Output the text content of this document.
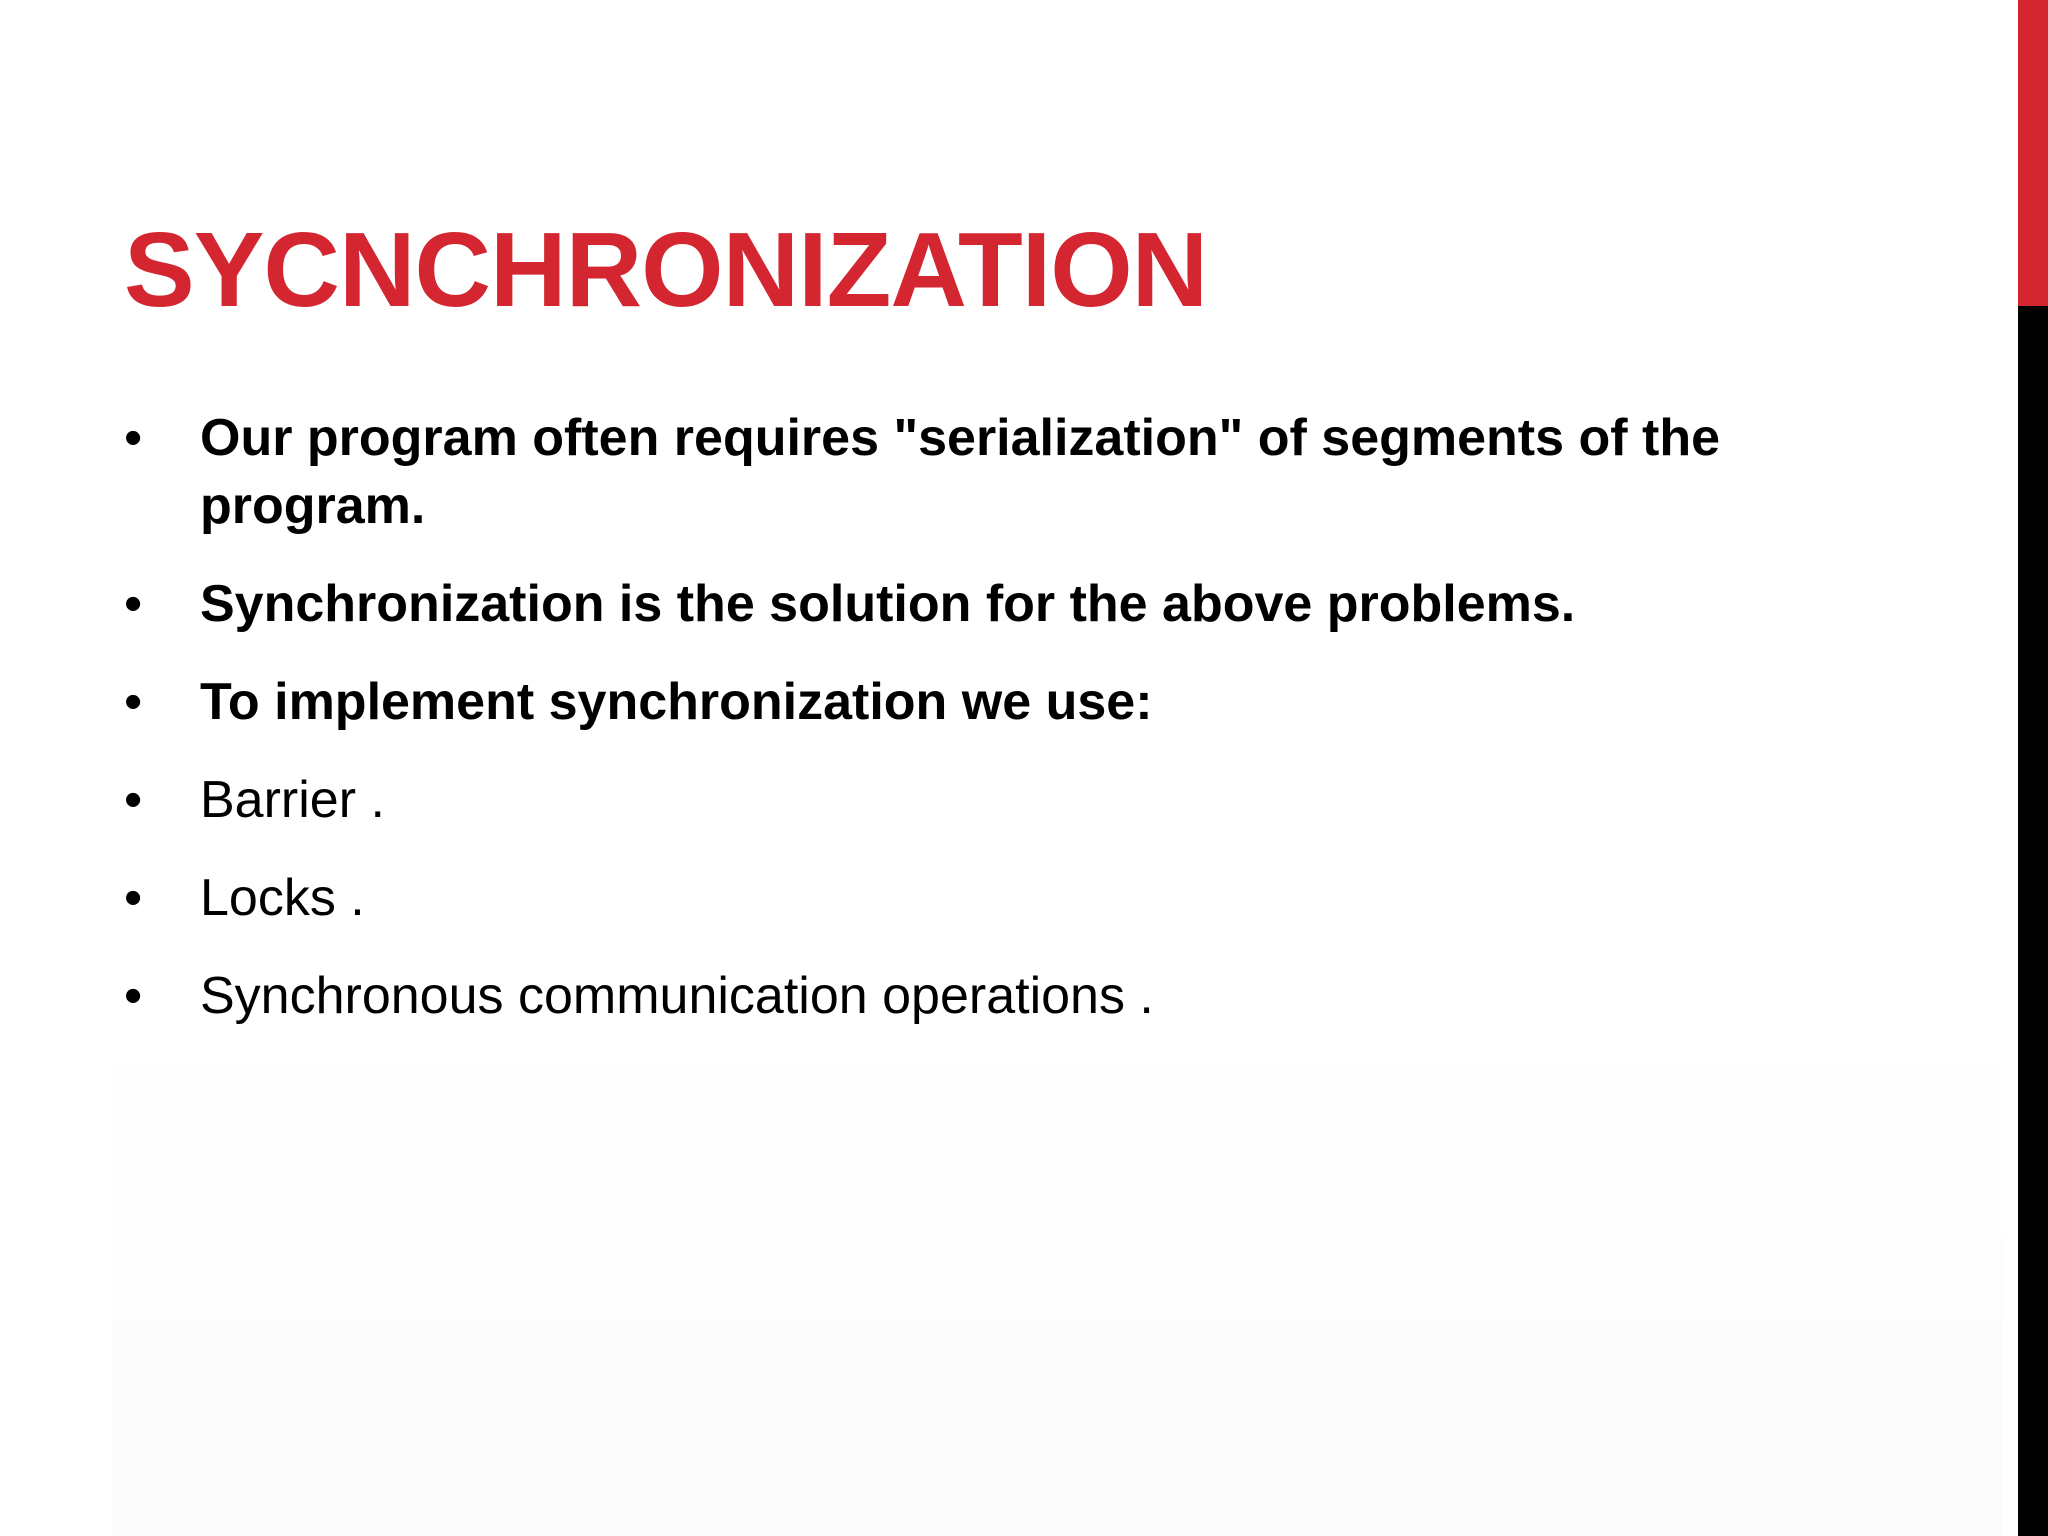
SYCNCHRONIZATION
•	Our program often requires "serialization" of segments of the program.
•	Synchronization is the solution for the above problems.
•	To implement synchronization we use:
•	Barrier .
•	Locks .
•	Synchronous communication operations .
